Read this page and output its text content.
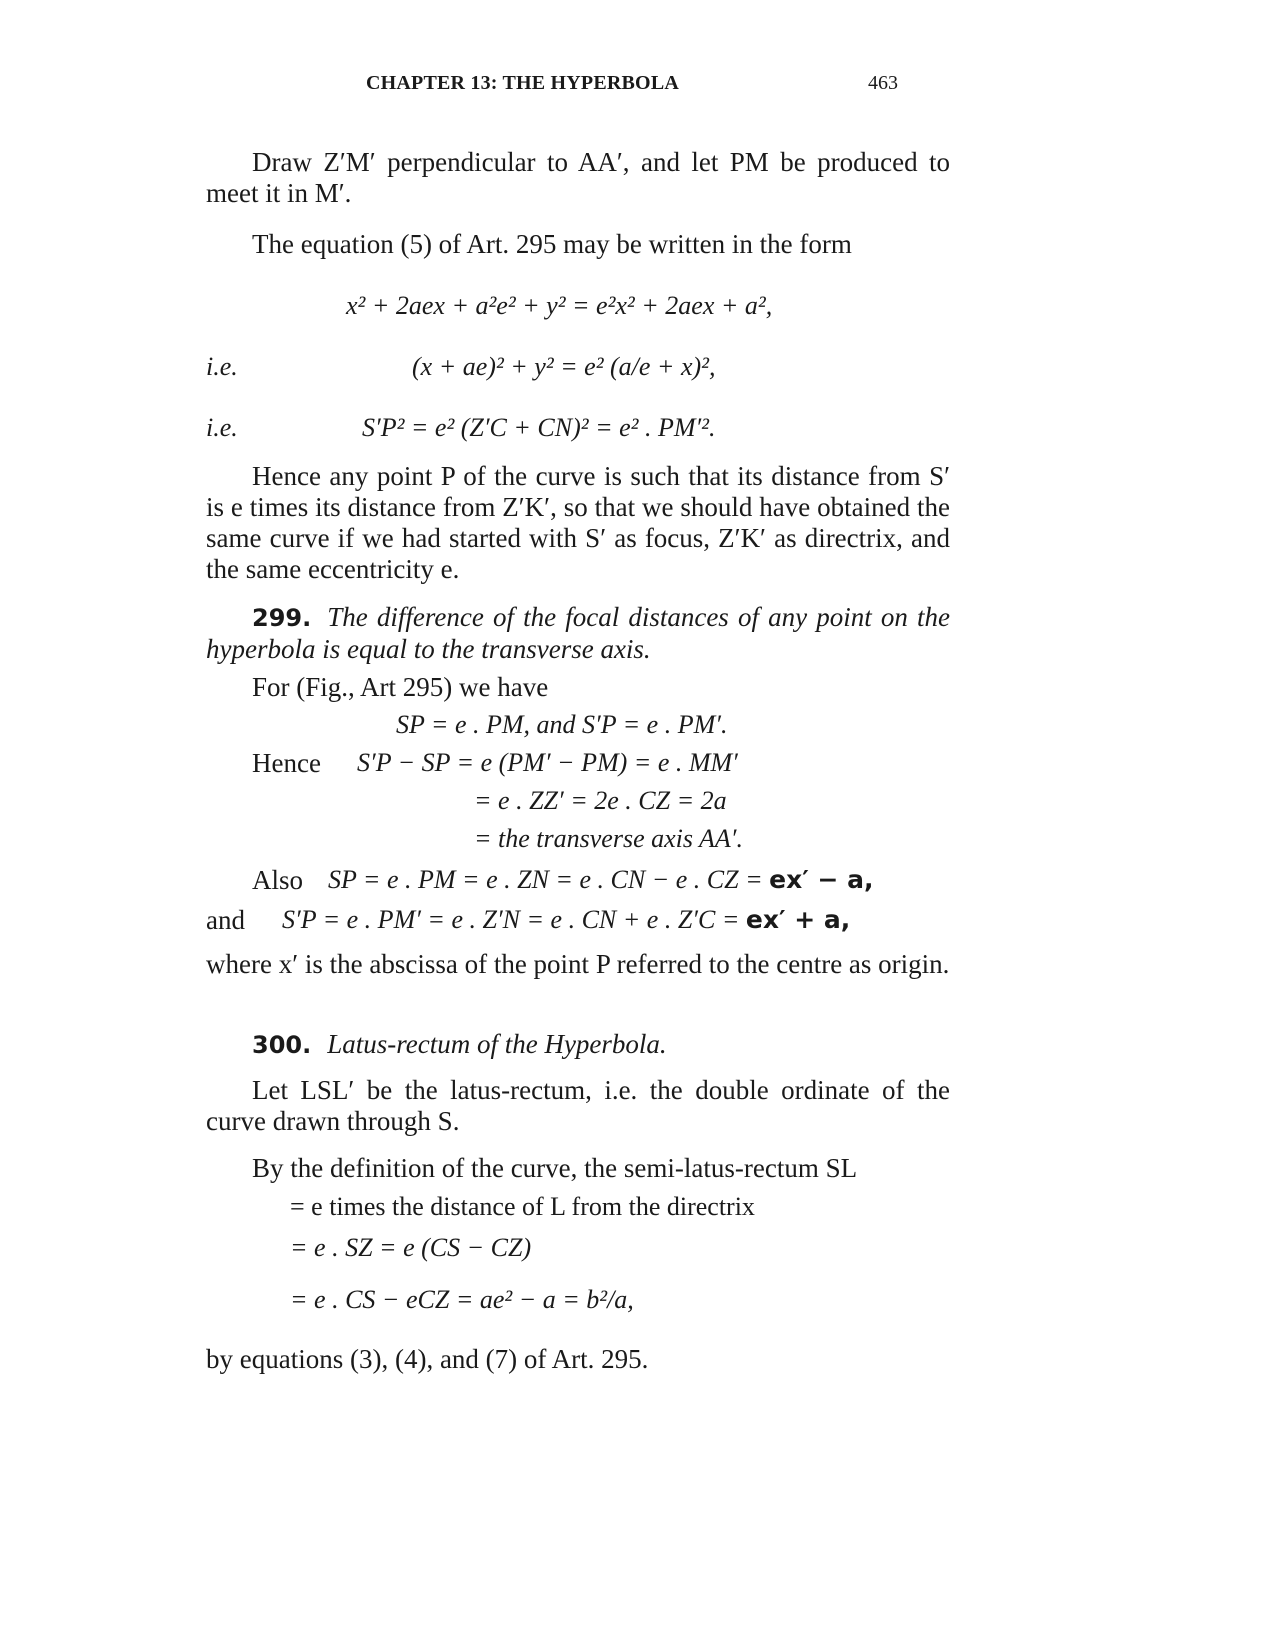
CHAPTER 13: THE HYPERBOLA	463
Draw Z′M′ perpendicular to AA′, and let PM be produced to meet it in M′.
The equation (5) of Art. 295 may be written in the form
x² + 2aex + a²e² + y² = e²x² + 2aex + a²,
i.e.	(x + ae)² + y² = e² (a/e + x)²,
i.e.	S′P² = e² (Z′C + CN)² = e² . PM′².
Hence any point P of the curve is such that its distance from S′ is e times its distance from Z′K′, so that we should have obtained the same curve if we had started with S′ as focus, Z′K′ as directrix, and the same eccentricity e.
299. The difference of the focal distances of any point on the hyperbola is equal to the transverse axis.
For (Fig., Art 295) we have
SP = e . PM, and S′P = e . PM′.
Hence S′P − SP = e (PM′ − PM) = e . MM′
= e . ZZ′ = 2e . CZ = 2a
= the transverse axis AA′.
Also SP = e . PM = e . ZN = e . CN − e . CZ = ex′ − a,
and S′P = e . PM′ = e . Z′N = e . CN + e . Z′C = ex′ + a,
where x′ is the abscissa of the point P referred to the centre as origin.
300. Latus-rectum of the Hyperbola.
Let LSL′ be the latus-rectum, i.e. the double ordinate of the curve drawn through S.
By the definition of the curve, the semi-latus-rectum SL
= e times the distance of L from the directrix
= e . SZ = e (CS − CZ)
= e . CS − eCZ = ae² − a = b²/a,
by equations (3), (4), and (7) of Art. 295.
